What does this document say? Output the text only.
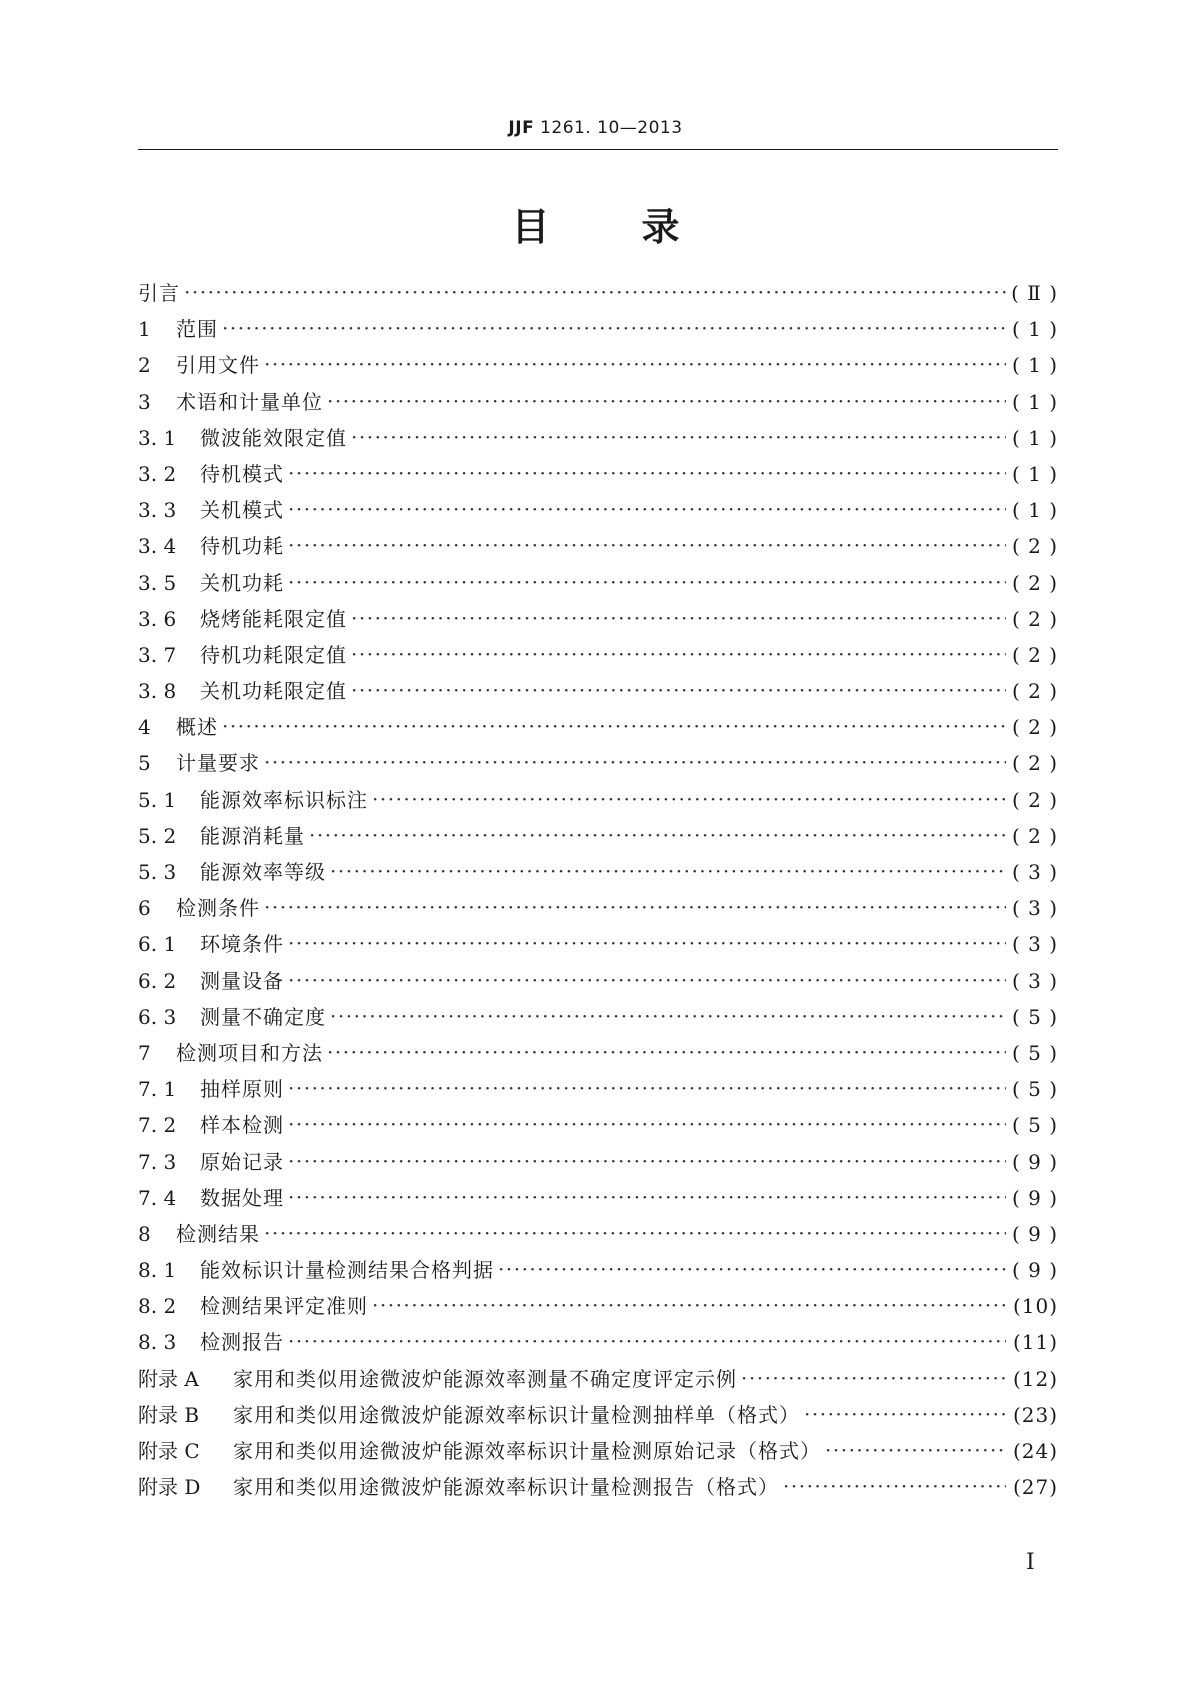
JJF 1261. 10—2013
目 录
引言 ·····	( Ⅱ )
1	范围 ·····	( 1 )
2	引用文件 ·····	( 1 )
3	术语和计量单位 ·····	( 1 )
3. 1	微波能效限定值 ·····	( 1 )
3. 2	待机模式 ·····	( 1 )
3. 3	关机模式 ·····	( 1 )
3. 4	待机功耗 ·····	( 2 )
3. 5	关机功耗 ·····	( 2 )
3. 6	烧烤能耗限定值 ·····	( 2 )
3. 7	待机功耗限定值 ·····	( 2 )
3. 8	关机功耗限定值 ·····	( 2 )
4	概述 ·····	( 2 )
5	计量要求 ·····	( 2 )
5. 1	能源效率标识标注 ·····	( 2 )
5. 2	能源消耗量 ·····	( 2 )
5. 3	能源效率等级 ·····	( 3 )
6	检测条件 ·····	( 3 )
6. 1	环境条件 ·····	( 3 )
6. 2	测量设备 ·····	( 3 )
6. 3	测量不确定度 ·····	( 5 )
7	检测项目和方法 ·····	( 5 )
7. 1	抽样原则 ·····	( 5 )
7. 2	样本检测 ·····	( 5 )
7. 3	原始记录 ·····	( 9 )
7. 4	数据处理 ·····	( 9 )
8	检测结果 ·····	( 9 )
8. 1	能效标识计量检测结果合格判据 ·····	( 9 )
8. 2	检测结果评定准则 ·····	(10)
8. 3	检测报告 ·····	(11)
附录 A	家用和类似用途微波炉能源效率测量不确定度评定示例 ·····	(12)
附录 B	家用和类似用途微波炉能源效率标识计量检测抽样单（格式） ·····	(23)
附录 C	家用和类似用途微波炉能源效率标识计量检测原始记录（格式） ·····	(24)
附录 D	家用和类似用途微波炉能源效率标识计量检测报告（格式） ·····	(27)
I
